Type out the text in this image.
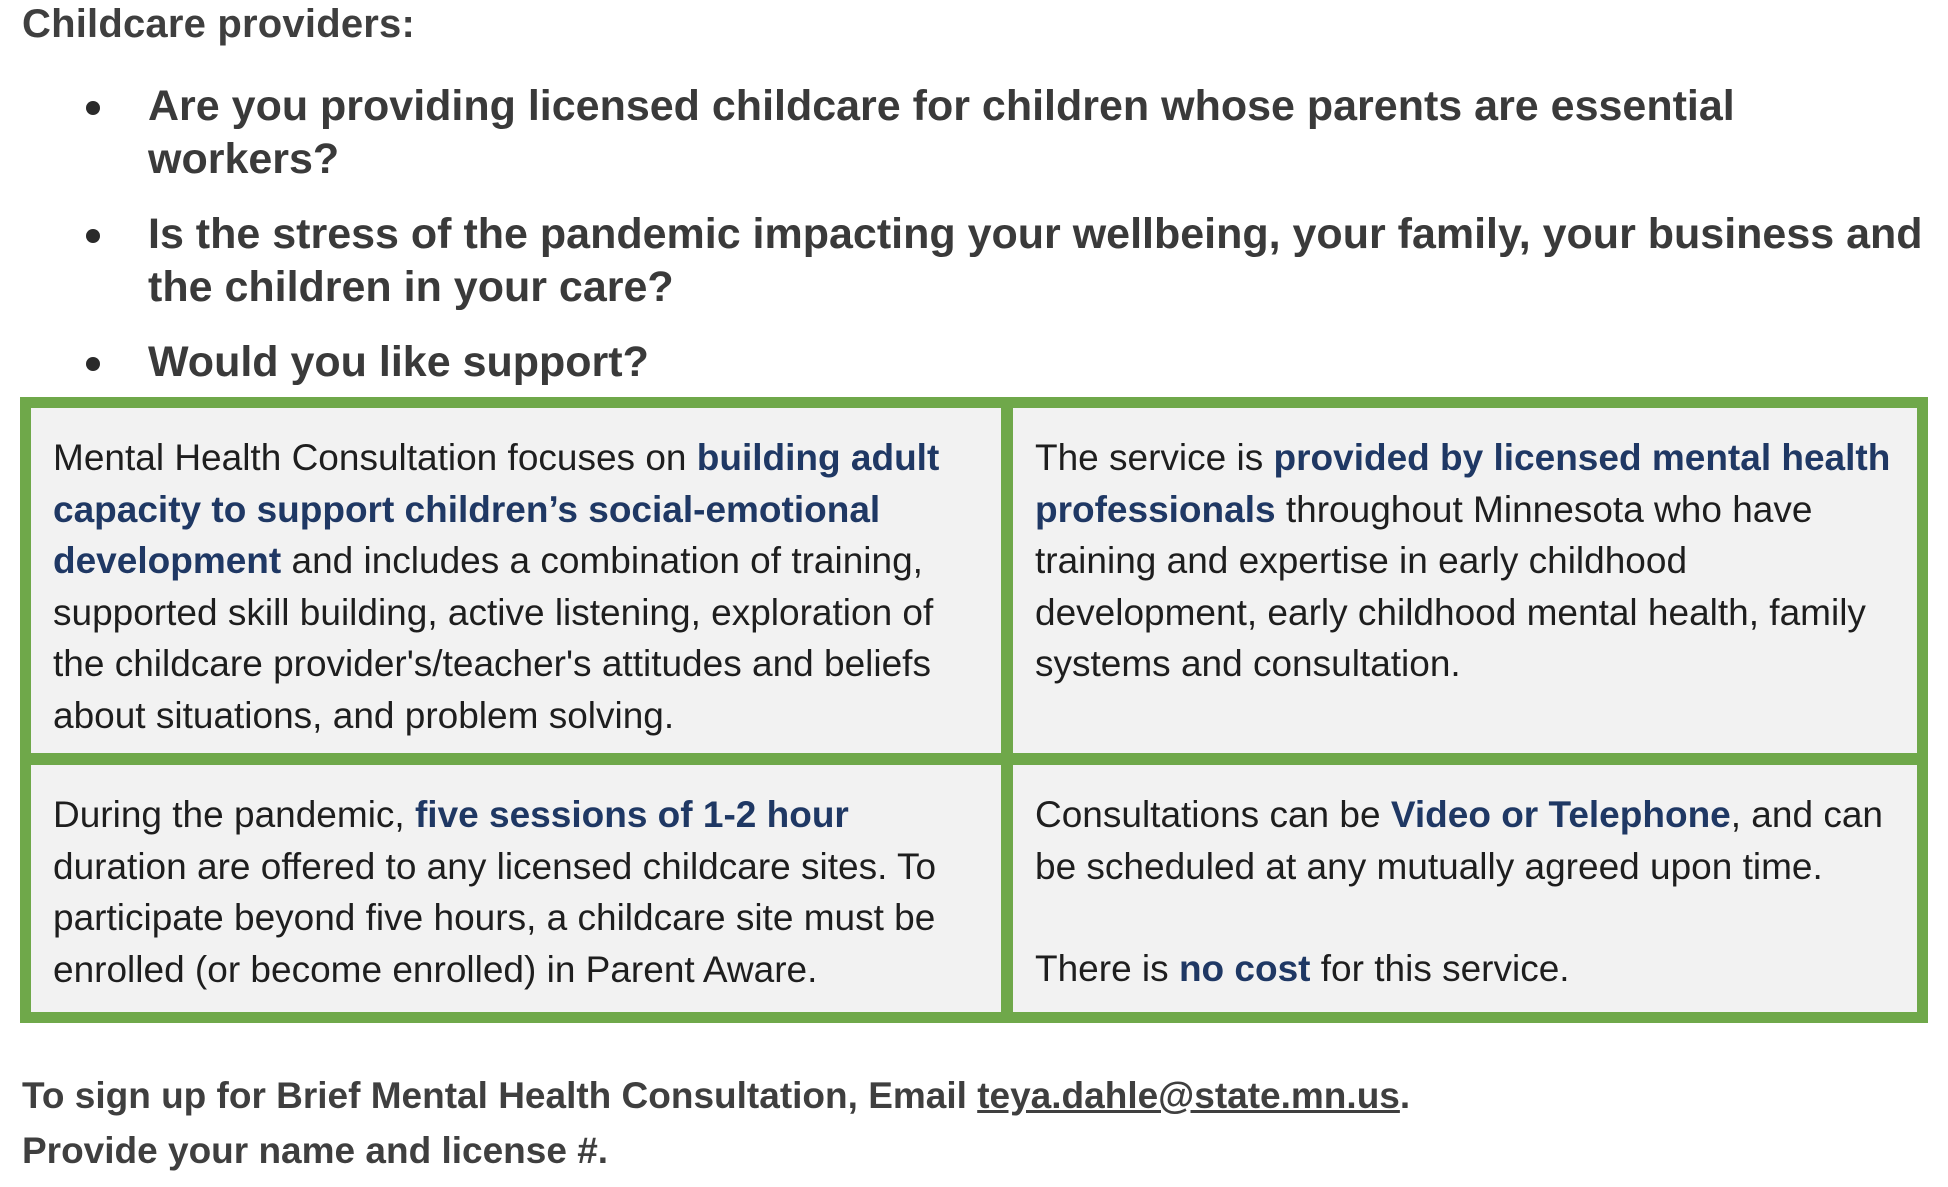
Childcare providers:
Are you providing licensed childcare for children whose parents are essential workers?
Is the stress of the pandemic impacting your wellbeing, your family, your business and the children in your care?
Would you like support?
Mental Health Consultation focuses on building adult capacity to support children’s social-emotional development and includes a combination of training, supported skill building, active listening, exploration of the childcare provider's/teacher's attitudes and beliefs about situations, and problem solving.
The service is provided by licensed mental health professionals throughout Minnesota who have training and expertise in early childhood development, early childhood mental health, family systems and consultation.
During the pandemic, five sessions of 1-2 hour duration are offered to any licensed childcare sites. To participate beyond five hours, a childcare site must be enrolled (or become enrolled) in Parent Aware.
Consultations can be Video or Telephone, and can be scheduled at any mutually agreed upon time.
There is no cost for this service.
To sign up for Brief Mental Health Consultation, Email teya.dahle@state.mn.us.
Provide your name and license #.
